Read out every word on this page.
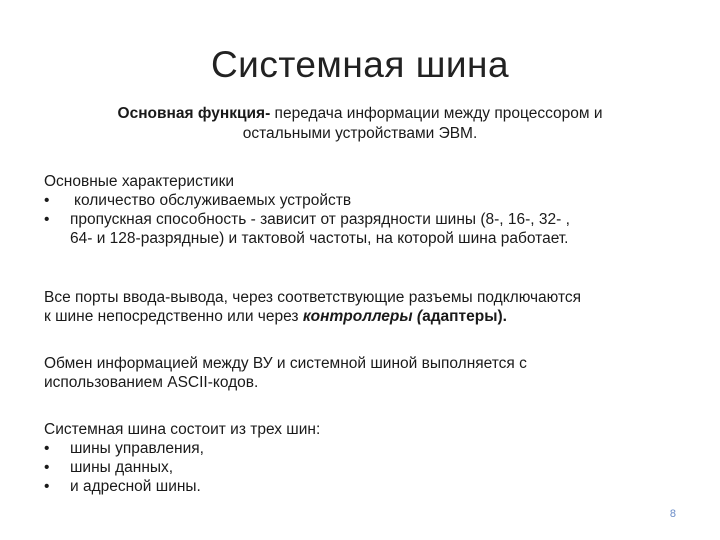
Системная шина
Основная функция- передача информации между процессором и
остальными устройствами ЭВМ.
Основные характеристики
•	количество обслуживаемых устройств
•	пропускная способность - зависит от разрядности шины (8-, 16-, 32- ,
64- и 128-разрядные) и тактовой частоты, на которой шина работает.
Все порты ввода-вывода, через соответствующие разъемы подключаются
к шине непосредственно или через контроллеры (адаптеры).
Обмен информацией между ВУ и системной шиной выполняется с
использованием ASCII-кодов.
Системная шина состоит из трех шин:
•	шины управления,
•	шины данных,
•	и адресной шины.
8
